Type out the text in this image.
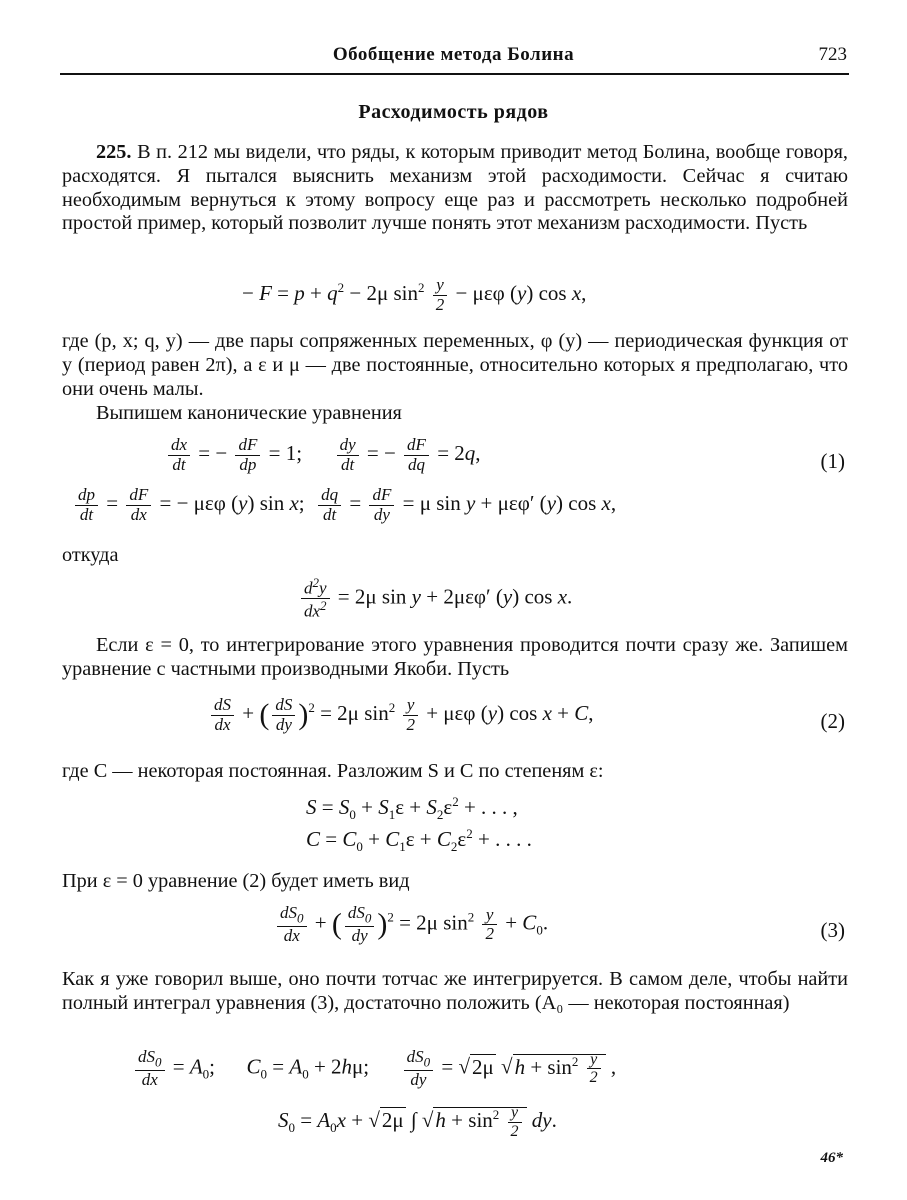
Обобщение метода Болина	723
Расходимость рядов

225. В п. 212 мы видели, что ряды, к которым приводит метод Болина, вообще говоря, расходятся. Я пытался выяснить механизм этой расходимости. Сейчас я считаю необходимым вернуться к этому вопросу еще раз и рассмотреть несколько подробней простой пример, который позволит лучше понять этот механизм расходимости. Пусть

− $F = p + q^2 - 2\mu$ $\sin^2 \frac{y}{2} - \mu\varepsilon\varphi$ (y) cos x,

где (p, x; q, y) — две пары сопряженных переменных, φ (y) — периодическая функция от y (период равен 2π), а ε и μ — две постоянные, относительно которых я предполагаю, что они очень малы.

Выпишем канонические уравнения

$\frac{dx}{dt}$ = − $\frac{dF}{dp} = 1$; $\frac{dy}{dt}$ = − $\frac{dF}{dq} = 2q$,	(1)
$\frac{dp}{dt} = \frac{dF}{dx}$ = − μεφ (y) sin x; $\frac{dq}{dt} = \frac{dF}{dy} = \mu$ sin y + μεφ′ (y) cos x,

откуда

$\frac{d^2y}{dx^2} = 2\mu$ sin y + 2μεφ′ (y) cos x.

Если ε = 0, то интегрирование этого уравнения проводится почти сразу же. Запишем уравнение с частными производными Якоби. Пусть

$\frac{dS}{dx}$ + ( $\frac{dS}{dy} )^2 = 2\mu$ $\sin^2 \frac{y}{2} + \mu\varepsilon\varphi$ (y) cos x + C,	(2)

где C — некоторая постоянная. Разложим S и C по степеням ε:

$S = S_0 + S_1\varepsilon + S_2\varepsilon^2$ + . . . ,
$C = C_0 + C_1\varepsilon + C_2\varepsilon^2$ + . . . .

При ε = 0 уравнение (2) будет иметь вид

$\frac{dS_0}{dx}$ + ( $\frac{dS_0}{dy} )^2 = 2\mu$ $\sin^2 \frac{y}{2} + C_0$.	(3)

Как я уже говорил выше, оно почти тотчас же интегрируется. В самом деле, чтобы найти полный интеграл уравнения (3), достаточно положить (A₀ — некоторая постоянная)

$\frac{dS_0}{dx} = A_0$;      $C_0 = A_0 + 2h\mu$; $\frac{dS_0}{dy} = √2\mu$ $√h + \sin^2 \frac{y}{2}$ ,
$S_0 = A_0x + √2\mu$ ∫ $√h + \sin^2 \frac{y}{2}$ dy.
46*
